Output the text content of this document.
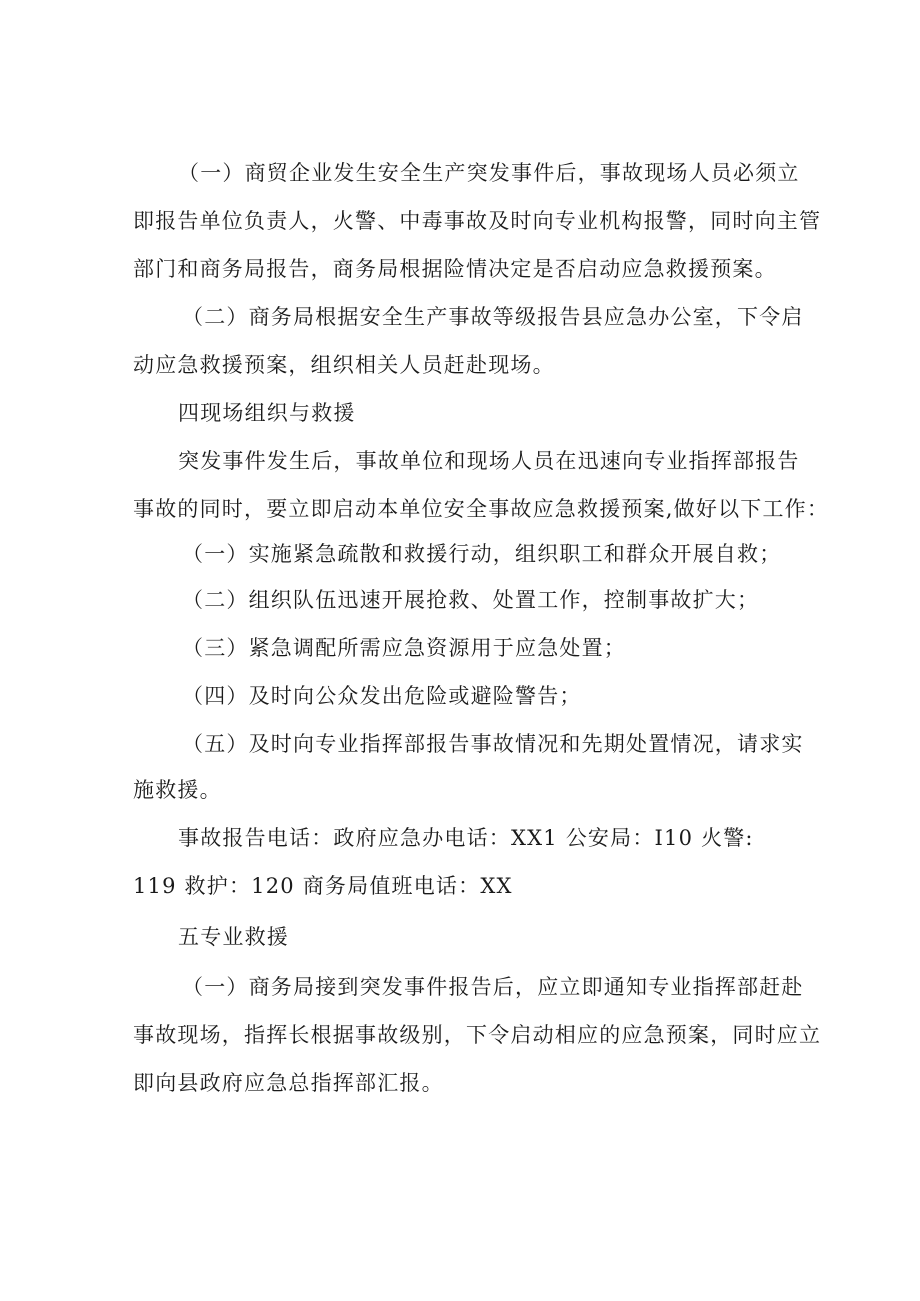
（一）商贸企业发生安全生产突发事件后，事故现场人员必须立
即报告单位负责人，火警、中毒事故及时向专业机构报警，同时向主管
部门和商务局报告，商务局根据险情决定是否启动应急救援预案。
（二）商务局根据安全生产事故等级报告县应急办公室，下令启
动应急救援预案，组织相关人员赶赴现场。
四现场组织与救援
突发事件发生后，事故单位和现场人员在迅速向专业指挥部报告
事故的同时，要立即启动本单位安全事故应急救援预案,做好以下工作：
（一）实施紧急疏散和救援行动，组织职工和群众开展自救；
（二）组织队伍迅速开展抢救、处置工作，控制事故扩大；
（三）紧急调配所需应急资源用于应急处置；
（四）及时向公众发出危险或避险警告；
（五）及时向专业指挥部报告事故情况和先期处置情况，请求实
施救援。
事故报告电话：政府应急办电话：XX1 公安局：I10 火警:
119 救护：120 商务局值班电话：XX
五专业救援
（一）商务局接到突发事件报告后，应立即通知专业指挥部赶赴
事故现场，指挥长根据事故级别，下令启动相应的应急预案，同时应立
即向县政府应急总指挥部汇报。
